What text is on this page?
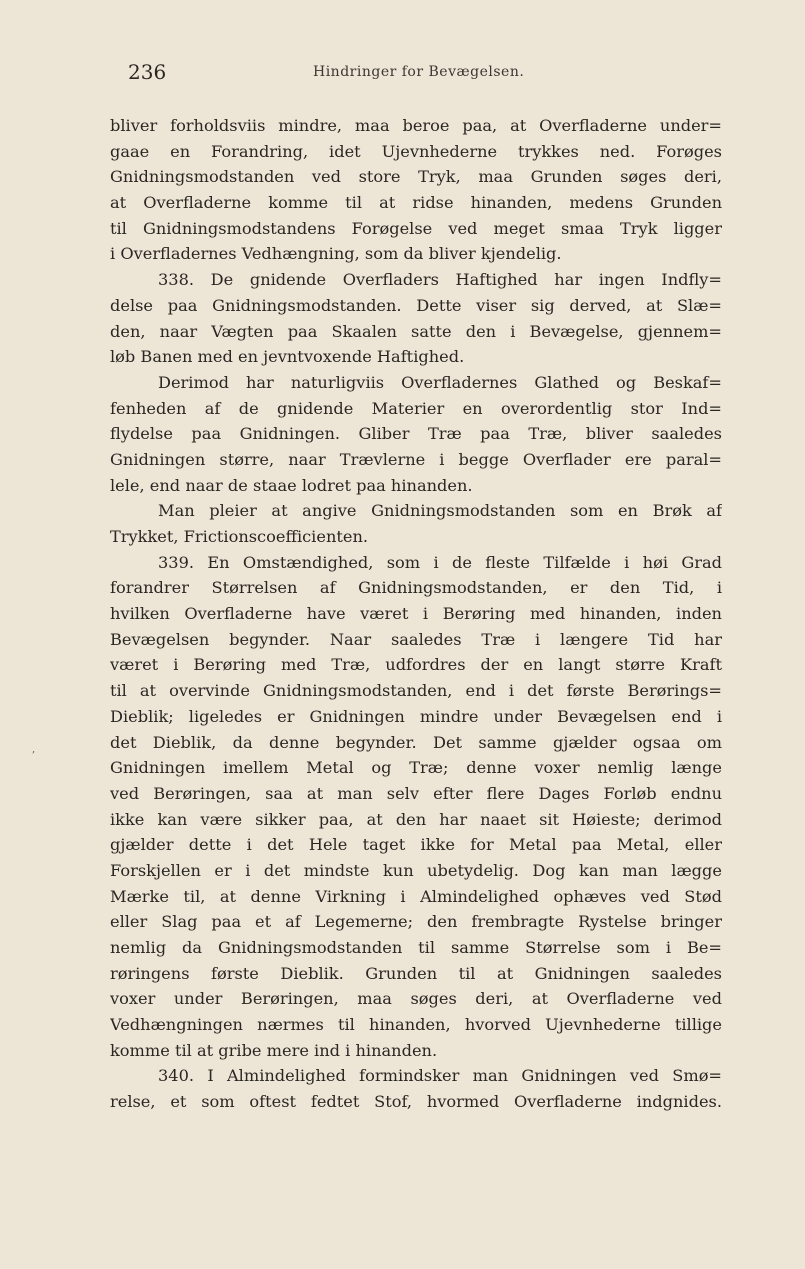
236	Hindringer for Bevægelsen.
,
bliver forholdsviis mindre, maa beroe paa, at Overfladerne under=
gaae en Forandring, idet Ujevnhederne trykkes ned. Forøges
Gnidningsmodstanden ved store Tryk, maa Grunden søges deri,
at Overfladerne komme til at ridse hinanden, medens Grunden
til Gnidningsmodstandens Forøgelse ved meget smaa Tryk ligger
i Overfladernes Vedhængning, som da bliver kjendelig.
338. De gnidende Overfladers Haftighed har ingen Indfly=
delse paa Gnidningsmodstanden. Dette viser sig derved, at Slæ=
den, naar Vægten paa Skaalen satte den i Bevægelse, gjennem=
løb Banen med en jevntvoxende Haftighed.
Derimod har naturligviis Overfladernes Glathed og Beskaf=
fenheden af de gnidende Materier en overordentlig stor Ind=
flydelse paa Gnidningen. Gliber Træ paa Træ, bliver saaledes
Gnidningen større, naar Trævlerne i begge Overflader ere paral=
lele, end naar de staae lodret paa hinanden.
Man pleier at angive Gnidningsmodstanden som en Brøk af
Trykket, Frictionscoefficienten.
339. En Omstændighed, som i de fleste Tilfælde i høi Grad
forandrer Størrelsen af Gnidningsmodstanden, er den Tid, i
hvilken Overfladerne have været i Berøring med hinanden, inden
Bevægelsen begynder. Naar saaledes Træ i længere Tid har
været i Berøring med Træ, udfordres der en langt større Kraft
til at overvinde Gnidningsmodstanden, end i det første Berørings=
Dieblik; ligeledes er Gnidningen mindre under Bevægelsen end i
det Dieblik, da denne begynder. Det samme gjælder ogsaa om
Gnidningen imellem Metal og Træ; denne voxer nemlig længe
ved Berøringen, saa at man selv efter flere Dages Forløb endnu
ikke kan være sikker paa, at den har naaet sit Høieste; derimod
gjælder dette i det Hele taget ikke for Metal paa Metal, eller
Forskjellen er i det mindste kun ubetydelig. Dog kan man lægge
Mærke til, at denne Virkning i Almindelighed ophæves ved Stød
eller Slag paa et af Legemerne; den frembragte Rystelse bringer
nemlig da Gnidningsmodstanden til samme Størrelse som i Be=
røringens første Dieblik. Grunden til at Gnidningen saaledes
voxer under Berøringen, maa søges deri, at Overfladerne ved
Vedhængningen nærmes til hinanden, hvorved Ujevnhederne tillige
komme til at gribe mere ind i hinanden.
340. I Almindelighed formindsker man Gnidningen ved Smø=
relse, et som oftest fedtet Stof, hvormed Overfladerne indgnides.
